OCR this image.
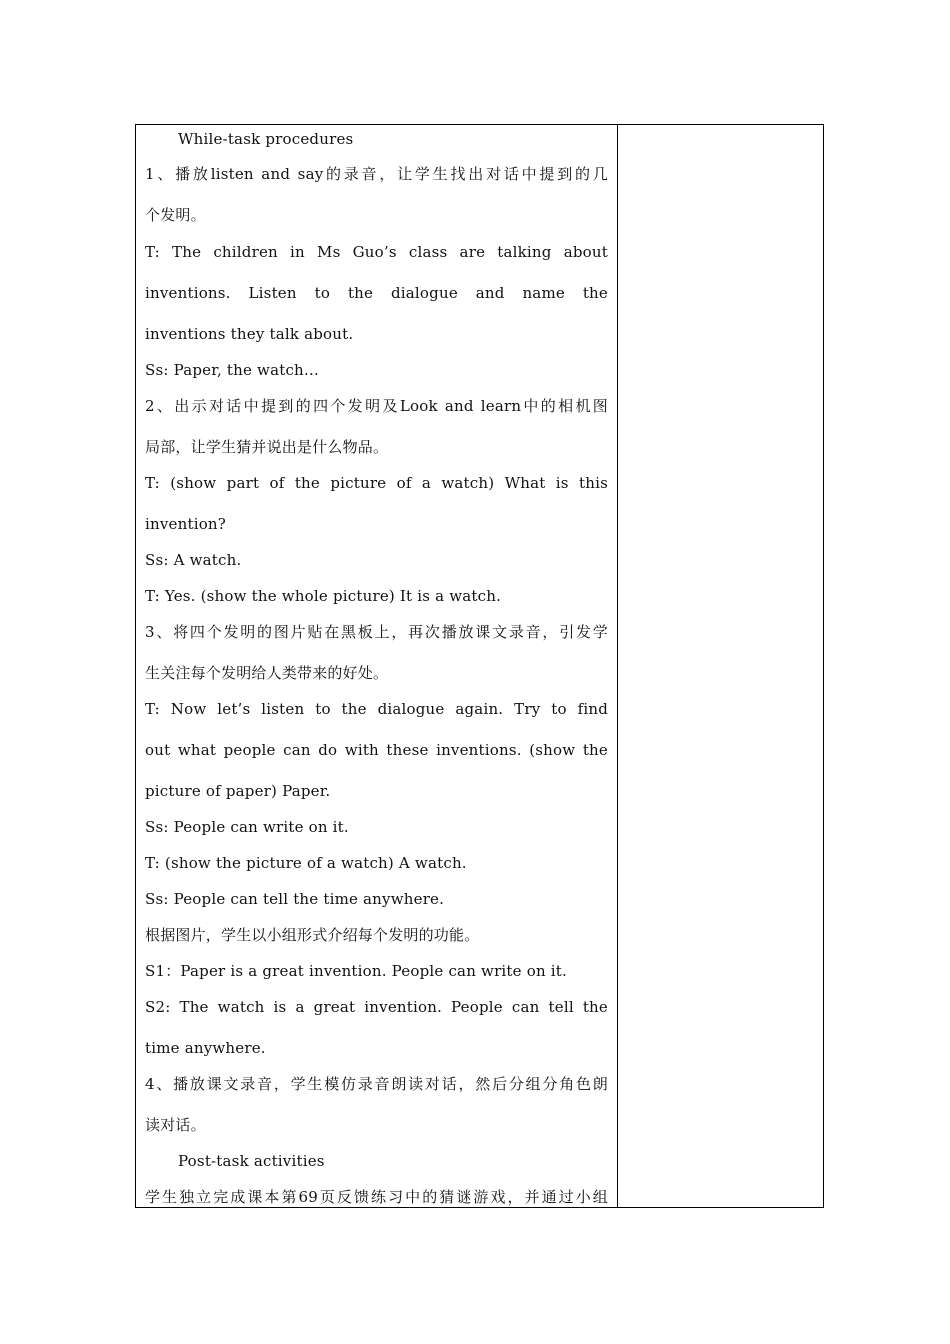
While-task procedures
1、播放listen and say的录音，让学生找出对话中提到的几
个发明。
T: The children in Ms Guo’s class are talking about
inventions. Listen to the dialogue and name the
inventions they talk about.
Ss: Paper, the watch…
2、出示对话中提到的四个发明及Look and learn中的相机图
局部，让学生猜并说出是什么物品。
T: (show part of the picture of a watch) What is this
invention?
Ss: A watch.
T: Yes. (show the whole picture) It is a watch.
3、将四个发明的图片贴在黑板上，再次播放课文录音，引发学
生关注每个发明给人类带来的好处。
T: Now let’s listen to the dialogue again. Try to find
out what people can do with these inventions. (show the
picture of paper) Paper.
Ss: People can write on it.
T: (show the picture of a watch) A watch.
Ss: People can tell the time anywhere.
根据图片，学生以小组形式介绍每个发明的功能。
S1：Paper is a great invention. People can write on it.
S2: The watch is a great invention. People can tell the
time anywhere.
4、播放课文录音，学生模仿录音朗读对话，然后分组分角色朗
读对话。
Post-task activities
学生独立完成课本第69页反馈练习中的猜谜游戏，并通过小组
